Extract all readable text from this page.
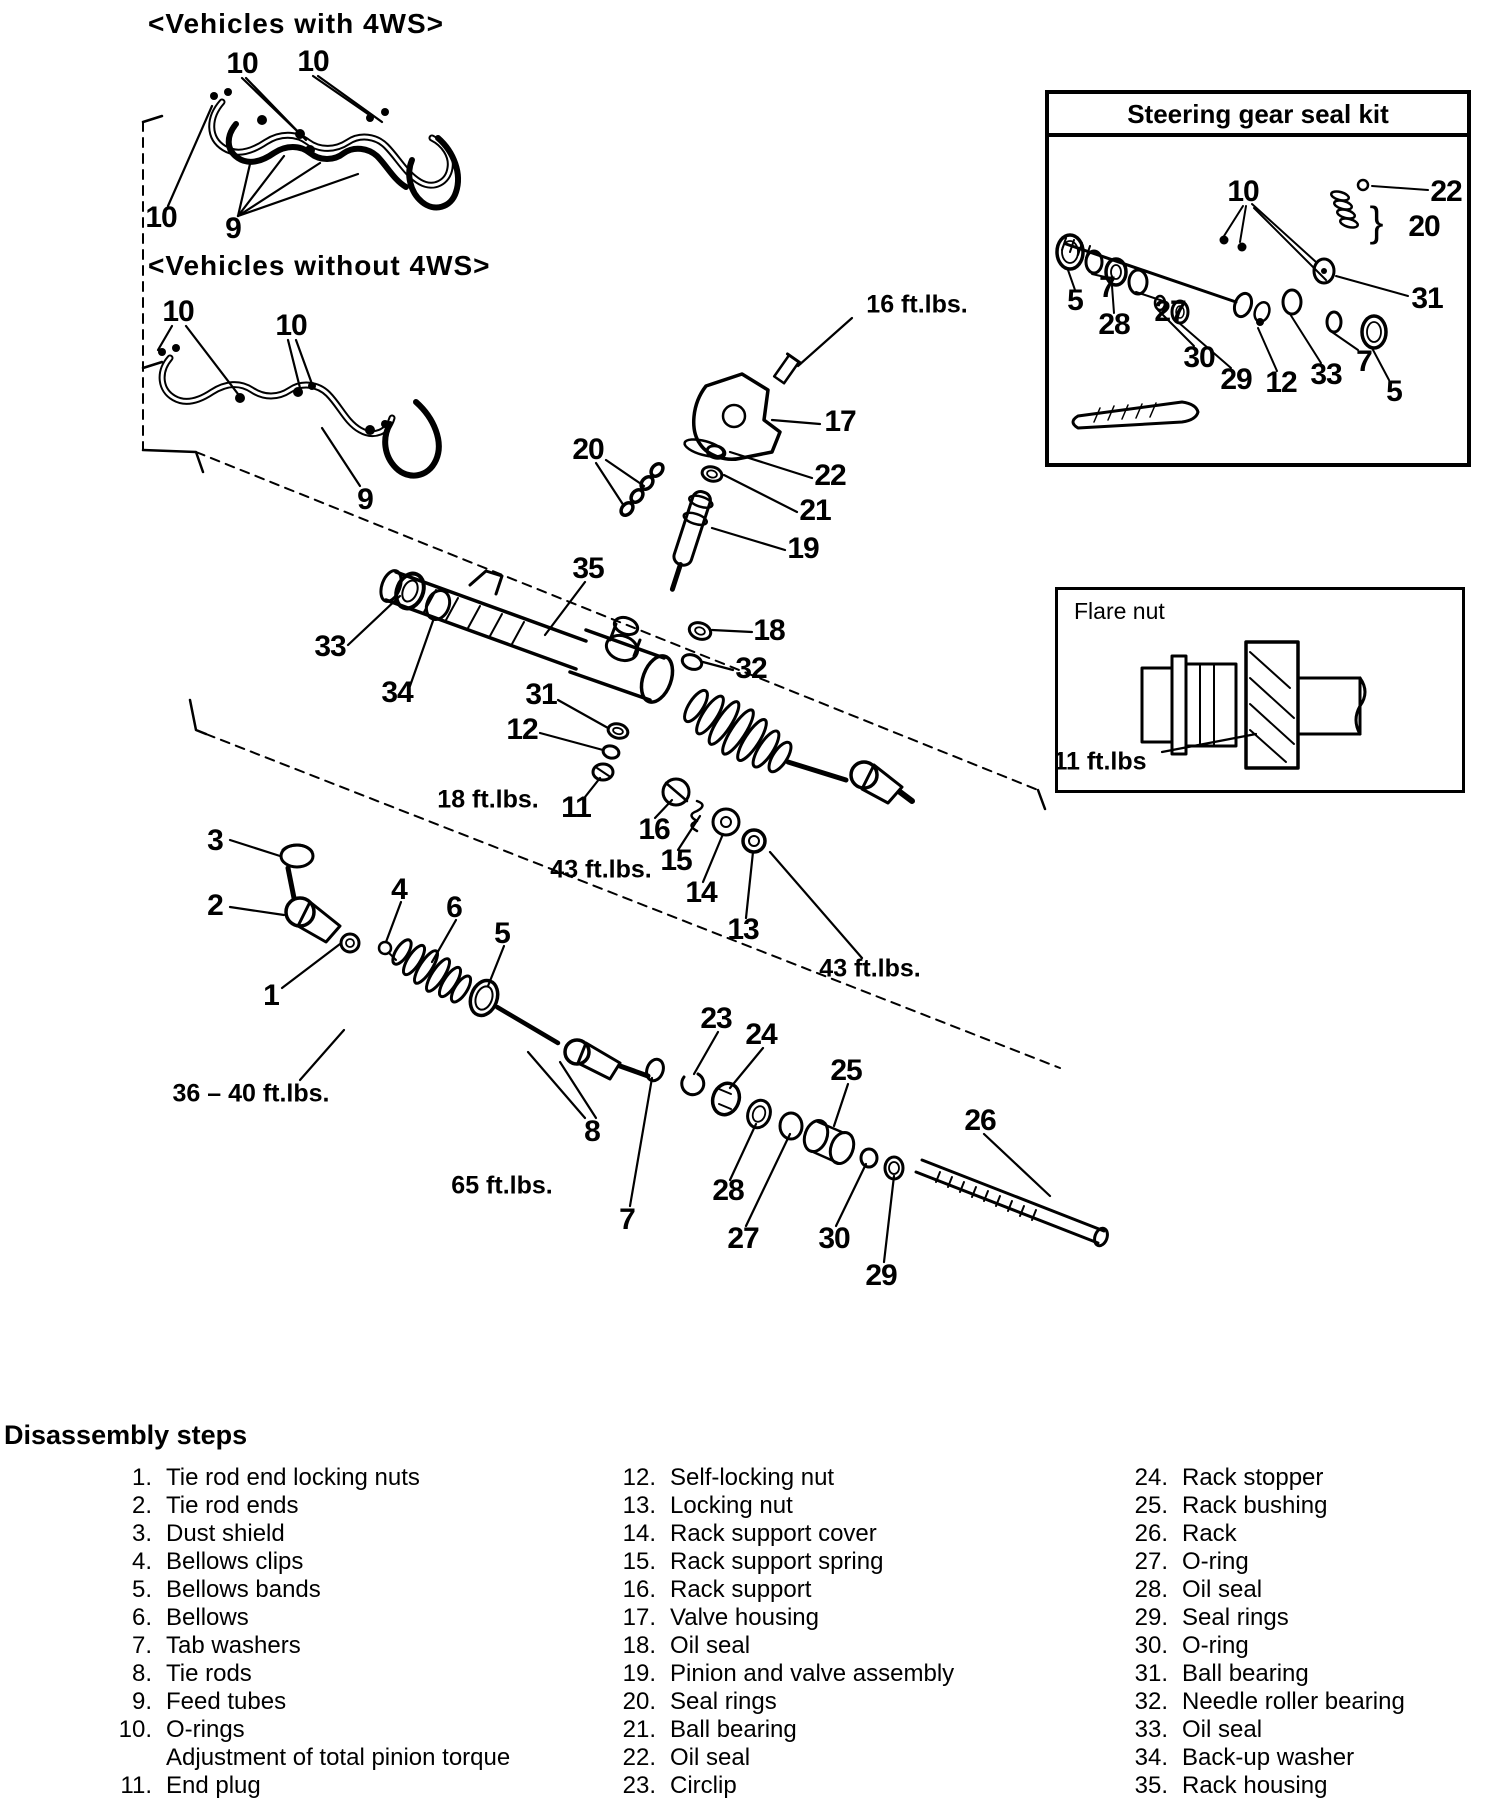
<Vehicles with 4WS>
<Vehicles without 4WS>
Steering gear seal kit
Flare nut
11 ft.lbs
Disassembly steps
1. Tie rod end locking nuts
2. Tie rod ends
3. Dust shield
4. Bellows clips
5. Bellows bands
6. Bellows
7. Tab washers
8. Tie rods
9. Feed tubes
10. O-rings
Adjustment of total pinion torque
11. End plug
12. Self-locking nut
13. Locking nut
14. Rack support cover
15. Rack support spring
16. Rack support
17. Valve housing
18. Oil seal
19. Pinion and valve assembly
20. Seal rings
21. Ball bearing
22. Oil seal
23. Circlip
24. Rack stopper
25. Rack bushing
26. Rack
27. O-ring
28. Oil seal
29. Seal rings
30. O-ring
31. Ball bearing
32. Needle roller bearing
33. Oil seal
34. Back-up washer
35. Rack housing
10 10
10 9
10	10
9
20
17
22
21
19
35
18
32
33
34	31
12
11
16
15
14
13
3
2
1
4
6
5
8
7
23 24
25
26
28
27 30
29
10	22
20
}
31
5 7
28 27
30
29 12 33 7
5
16 ft.lbs.
18 ft.lbs.
43 ft.lbs.
43 ft.lbs.
36 – 40 ft.lbs.
65 ft.lbs.
